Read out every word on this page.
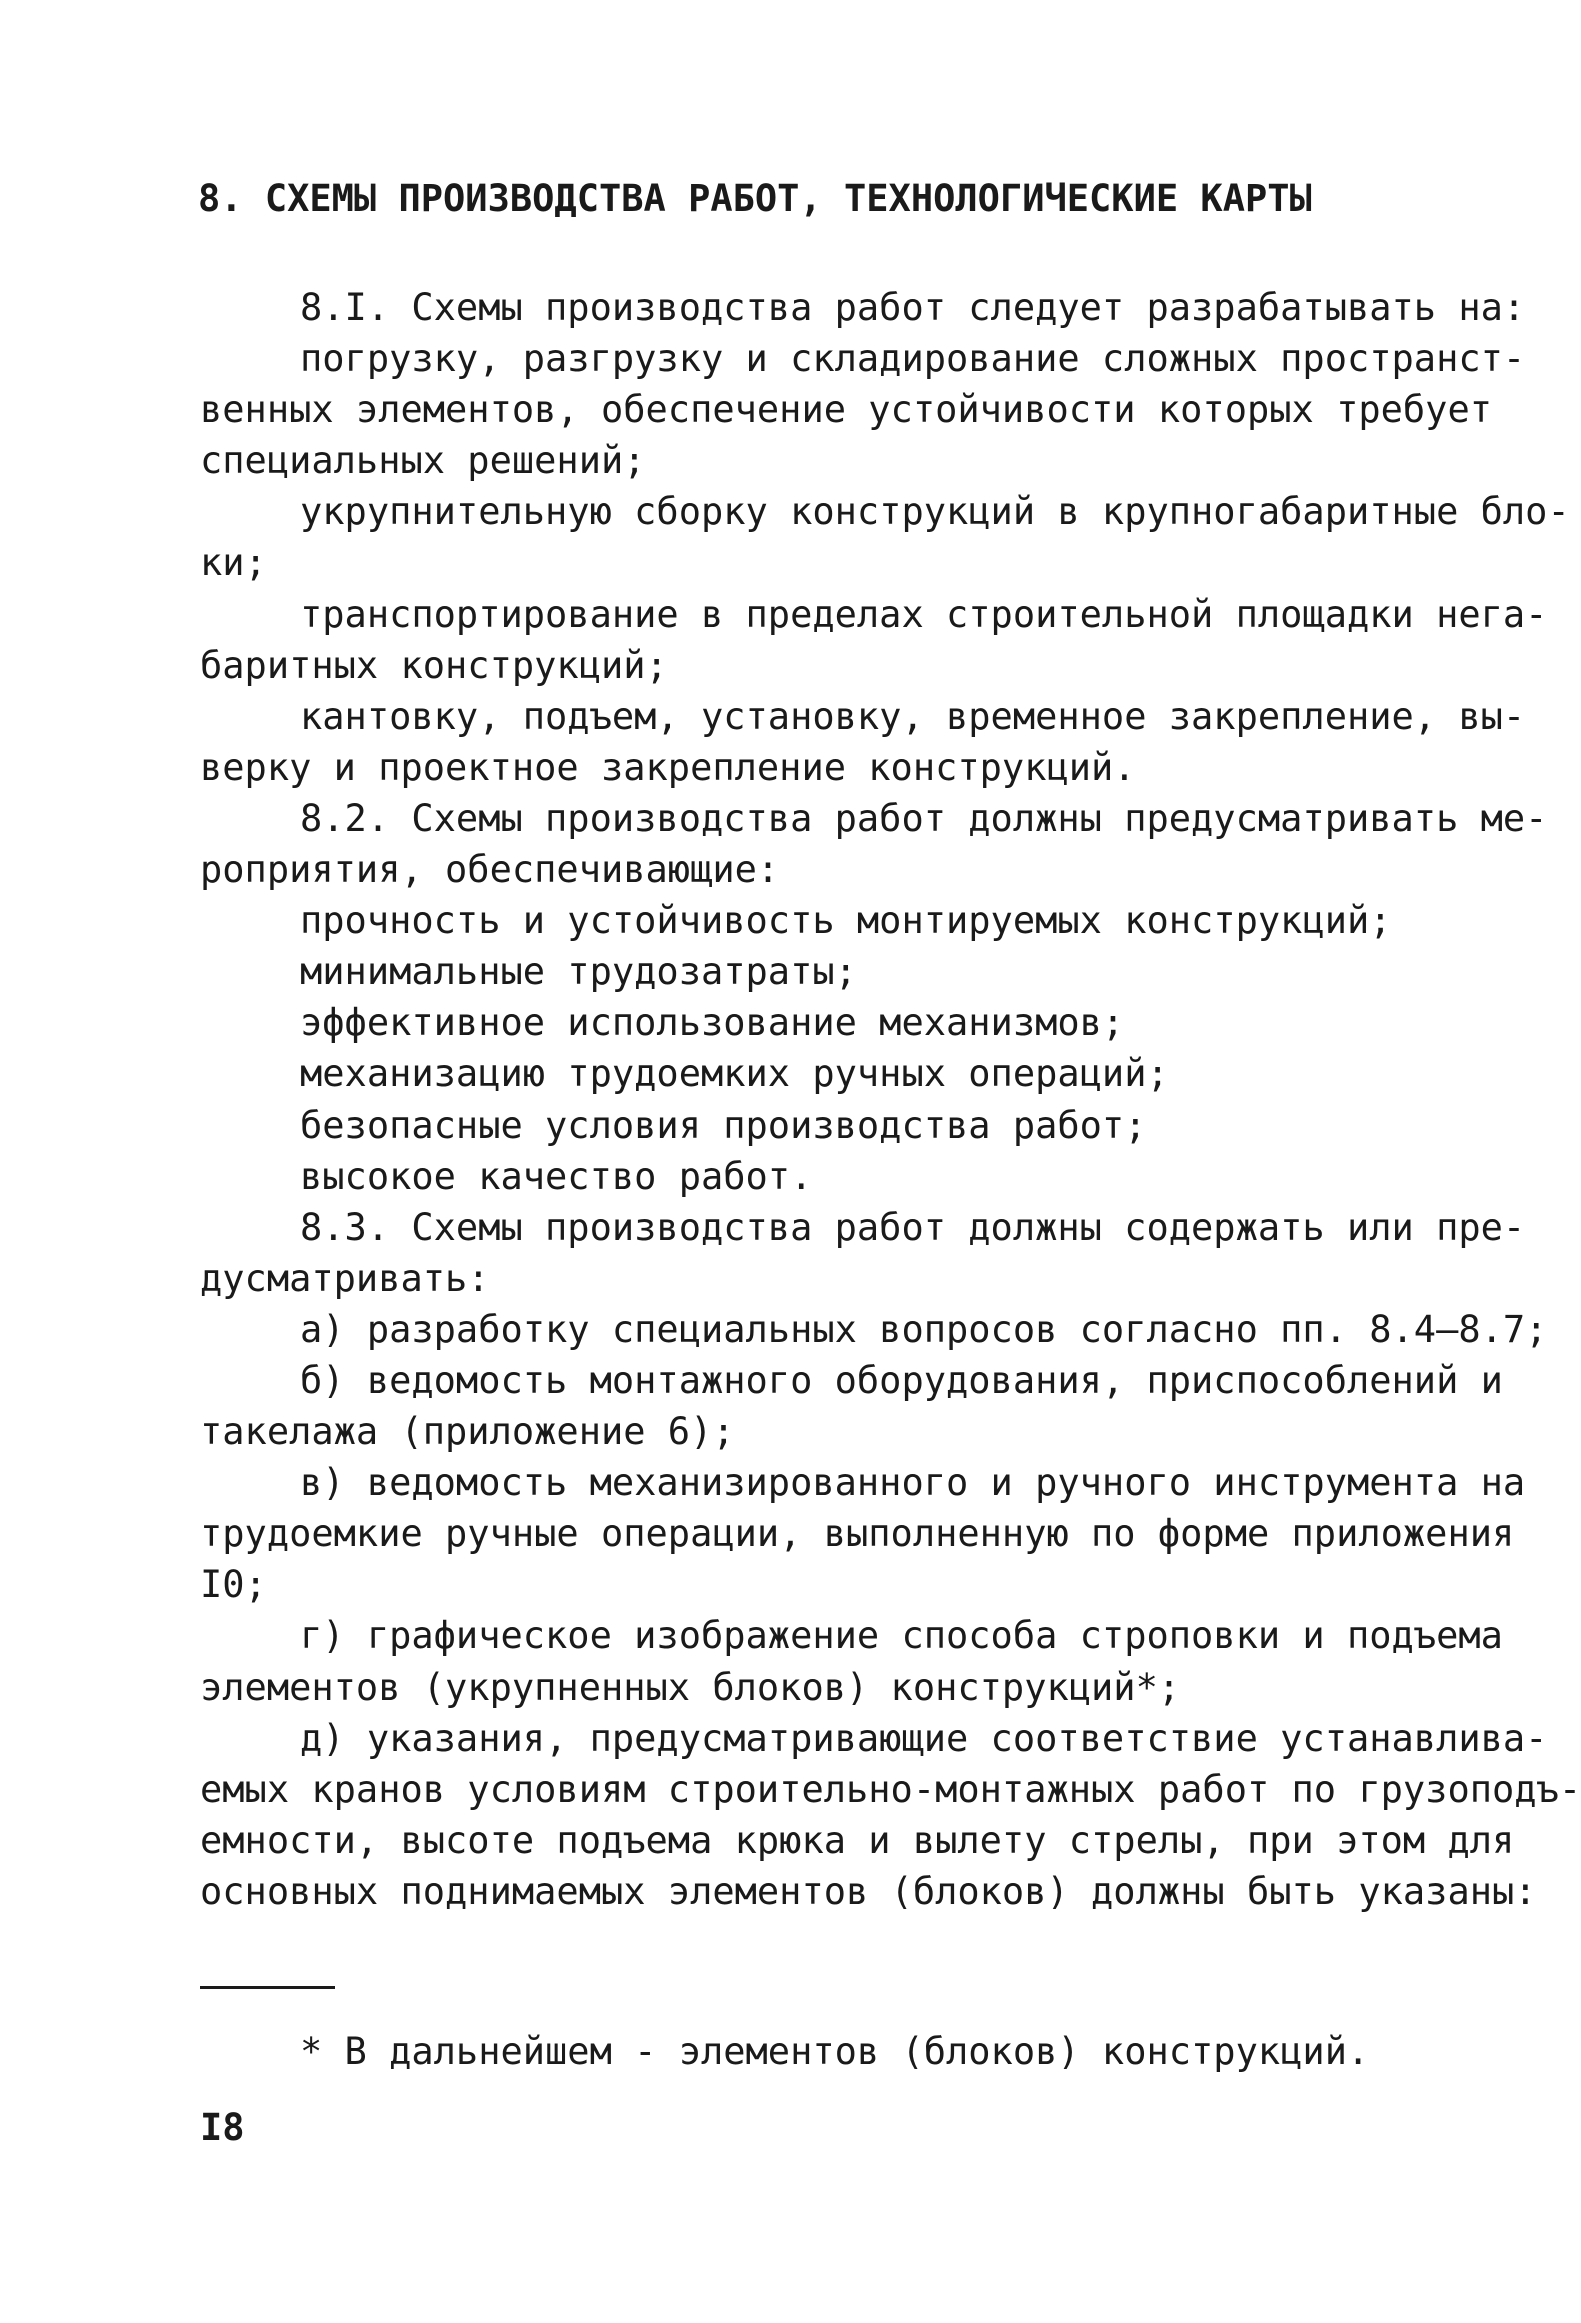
8. СХЕМЫ ПРОИЗВОДСТВА РАБОТ, ТЕХНОЛОГИЧЕСКИЕ КАРТЫ
8.I. Схемы производства работ следует разрабатывать на:
погрузку, разгрузку и складирование сложных пространст-
венных элементов, обеспечение устойчивости которых требует
специальных решений;
укрупнительную сборку конструкций в крупногабаритные бло-
ки;
транспортирование в пределах строительной площадки нега-
баритных конструкций;
кантовку, подъем, установку, временное закрепление, вы-
верку и проектное закрепление конструкций.
8.2. Схемы производства работ должны предусматривать ме-
роприятия, обеспечивающие:
прочность и устойчивость монтируемых конструкций;
минимальные трудозатраты;
эффективное использование механизмов;
механизацию трудоемких ручных операций;
безопасные условия производства работ;
высокое качество работ.
8.3. Схемы производства работ должны содержать или пре-
дусматривать:
а) разработку специальных вопросов согласно пп. 8.4–8.7;
б) ведомость монтажного оборудования, приспособлений и
такелажа (приложение 6);
в) ведомость механизированного и ручного инструмента на
трудоемкие ручные операции, выполненную по форме приложения
I0;
г) графическое изображение способа строповки и подъема
элементов (укрупненных блоков) конструкций*;
д) указания, предусматривающие соответствие устанавлива-
емых кранов условиям строительно-монтажных работ по грузоподъ-
емности, высоте подъема крюка и вылету стрелы, при этом для
основных поднимаемых элементов (блоков) должны быть указаны:
* В дальнейшем - элементов (блоков) конструкций.
I8
